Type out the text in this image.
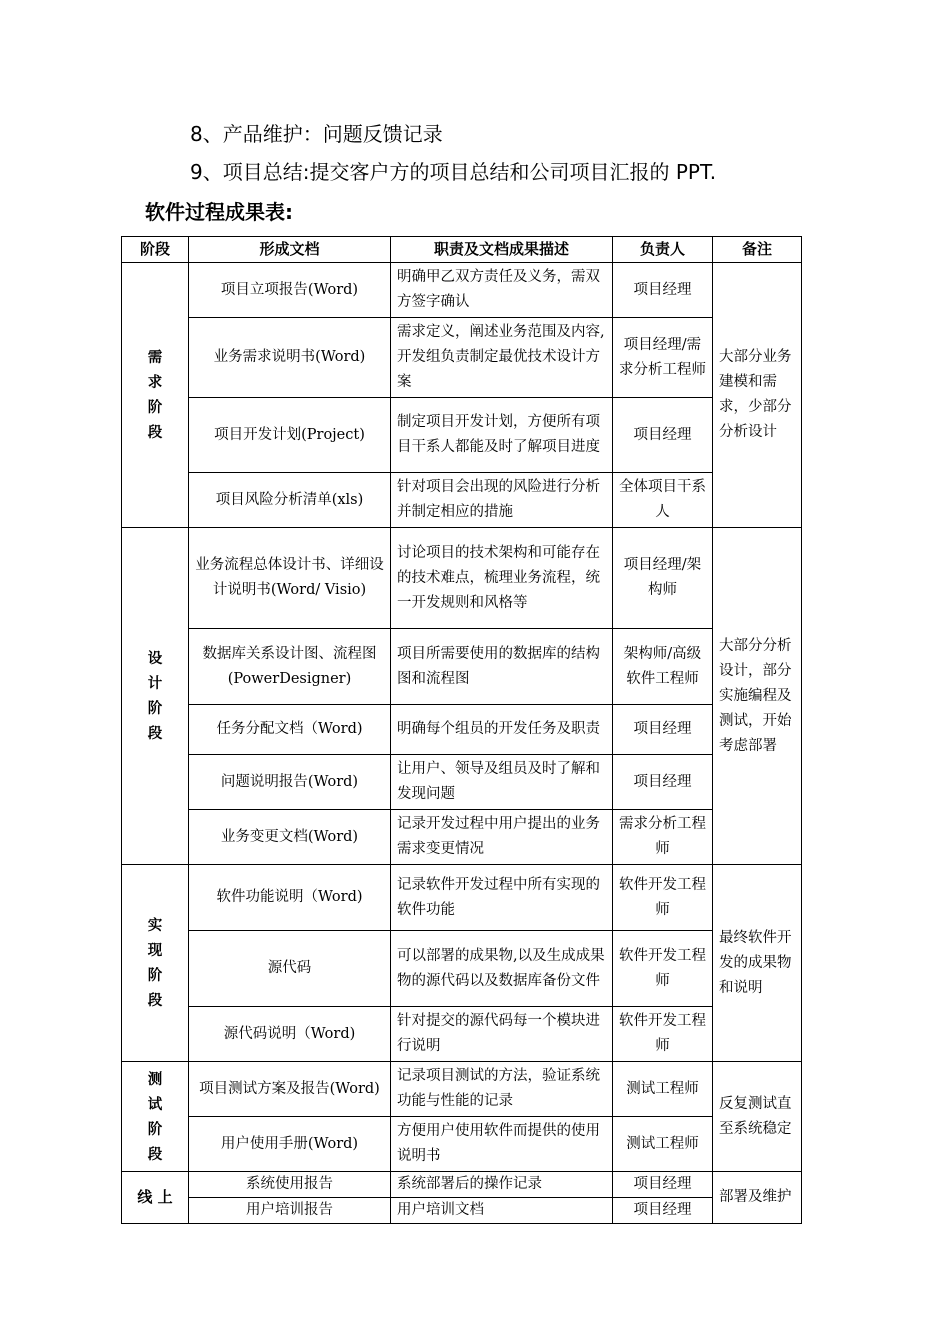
8、产品维护：问题反馈记录
9、项目总结:提交客户方的项目总结和公司项目汇报的 PPT.
软件过程成果表:
阶段	形成文档	职责及文档成果描述	负责人	备注
需求阶段	项目立项报告(Word)	明确甲乙双方责任及义务，需双方签字确认	项目经理	大部分业务建模和需求，少部分分析设计
	业务需求说明书(Word)	需求定义，阐述业务范围及内容,开发组负责制定最优技术设计方案	项目经理/需求分析工程师	
	项目开发计划(Project)	制定项目开发计划，方便所有项目干系人都能及时了解项目进度	项目经理	
	项目风险分析清单(xls)	针对项目会出现的风险进行分析并制定相应的措施	全体项目干系人	
设计阶段	业务流程总体设计书、详细设计说明书(Word/ Visio)	讨论项目的技术架构和可能存在的技术难点，梳理业务流程，统一开发规则和风格等	项目经理/架构师	大部分分析设计，部分实施编程及测试，开始考虑部署
	数据库关系设计图、流程图(PowerDesigner)	项目所需要使用的数据库的结构图和流程图	架构师/高级软件工程师	
	任务分配文档（Word)	明确每个组员的开发任务及职责	项目经理	
	问题说明报告(Word)	让用户、领导及组员及时了解和发现问题	项目经理	
	业务变更文档(Word)	记录开发过程中用户提出的业务需求变更情况	需求分析工程师	
实现阶段	软件功能说明（Word)	记录软件开发过程中所有实现的软件功能	软件开发工程师	最终软件开发的成果物和说明
	源代码	可以部署的成果物,以及生成成果物的源代码以及数据库备份文件	软件开发工程师	
	源代码说明（Word)	针对提交的源代码每一个模块进行说明	软件开发工程师	
测试阶段	项目测试方案及报告(Word)	记录项目测试的方法，验证系统功能与性能的记录	测试工程师	反复测试直至系统稳定
	用户使用手册(Word)	方便用户使用软件而提供的使用说明书	测试工程师	
线 上	系统使用报告	系统部署后的操作记录	项目经理	部署及维护
	用户培训报告	用户培训文档	项目经理	
